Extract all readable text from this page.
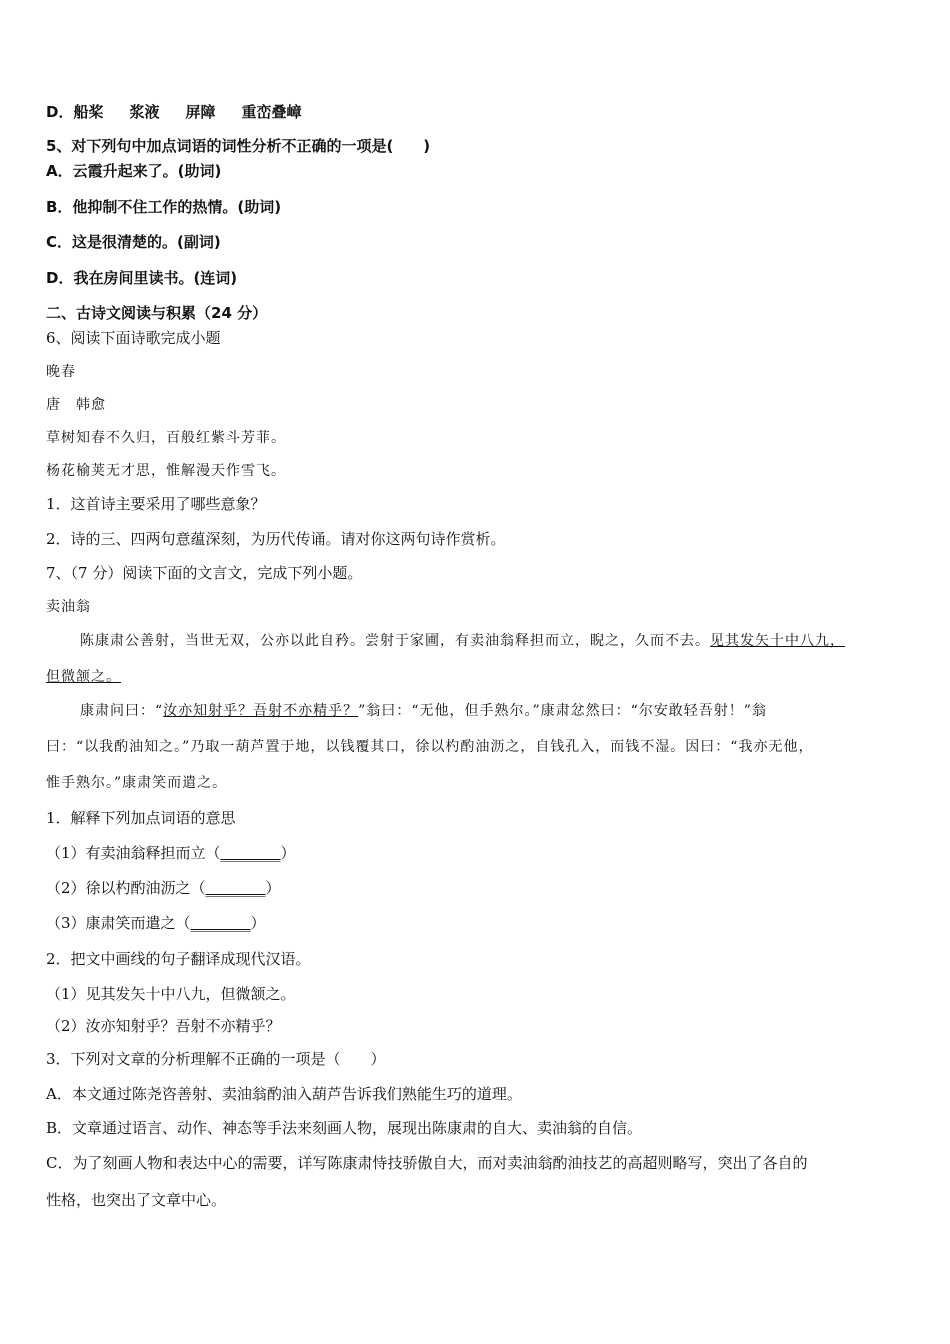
D．船桨 浆液 屏障 重峦叠嶂
5、对下列句中加点词语的词性分析不正确的一项是(　　)
A．云霞升起来了。(助词)
B．他抑制不住工作的热情。(助词)
C．这是很清楚的。(副词)
D．我在房间里读书。(连词)
二、古诗文阅读与积累（24 分）
6、阅读下面诗歌完成小题
晚春
唐　韩愈
草树知春不久归，百般红紫斗芳菲。
杨花榆荚无才思，惟解漫天作雪飞。
1．这首诗主要采用了哪些意象？
2．诗的三、四两句意蕴深刻，为历代传诵。请对你这两句诗作赏析。
7、（7 分）阅读下面的文言文，完成下列小题。
卖油翁
陈康肃公善射，当世无双，公亦以此自矜。尝射于家圃，有卖油翁释担而立，睨之，久而不去。见其发矢十中八九，
但微颔之。
康肃问曰：“汝亦知射乎？吾射不亦精乎？”翁曰：“无他，但手熟尔。”康肃忿然曰：“尔安敢轻吾射！”翁
曰：“以我酌油知之。”乃取一葫芦置于地，以钱覆其口，徐以杓酌油沥之，自钱孔入，而钱不湿。因曰：“我亦无他，
惟手熟尔。”康肃笑而遣之。
1．解释下列加点词语的意思
（1）有卖油翁释担而立（________）
（2）徐以杓酌油沥之（________）
（3）康肃笑而遣之（________）
2．把文中画线的句子翻译成现代汉语。
（1）见其发矢十中八九，但微颔之。
（2）汝亦知射乎？吾射不亦精乎？
3．下列对文章的分析理解不正确的一项是（　　）
A．本文通过陈尧咨善射、卖油翁酌油入葫芦告诉我们熟能生巧的道理。
B．文章通过语言、动作、神态等手法来刻画人物，展现出陈康肃的自大、卖油翁的自信。
C．为了刻画人物和表达中心的需要，详写陈康肃恃技骄傲自大，而对卖油翁酌油技艺的高超则略写，突出了各自的
性格，也突出了文章中心。
